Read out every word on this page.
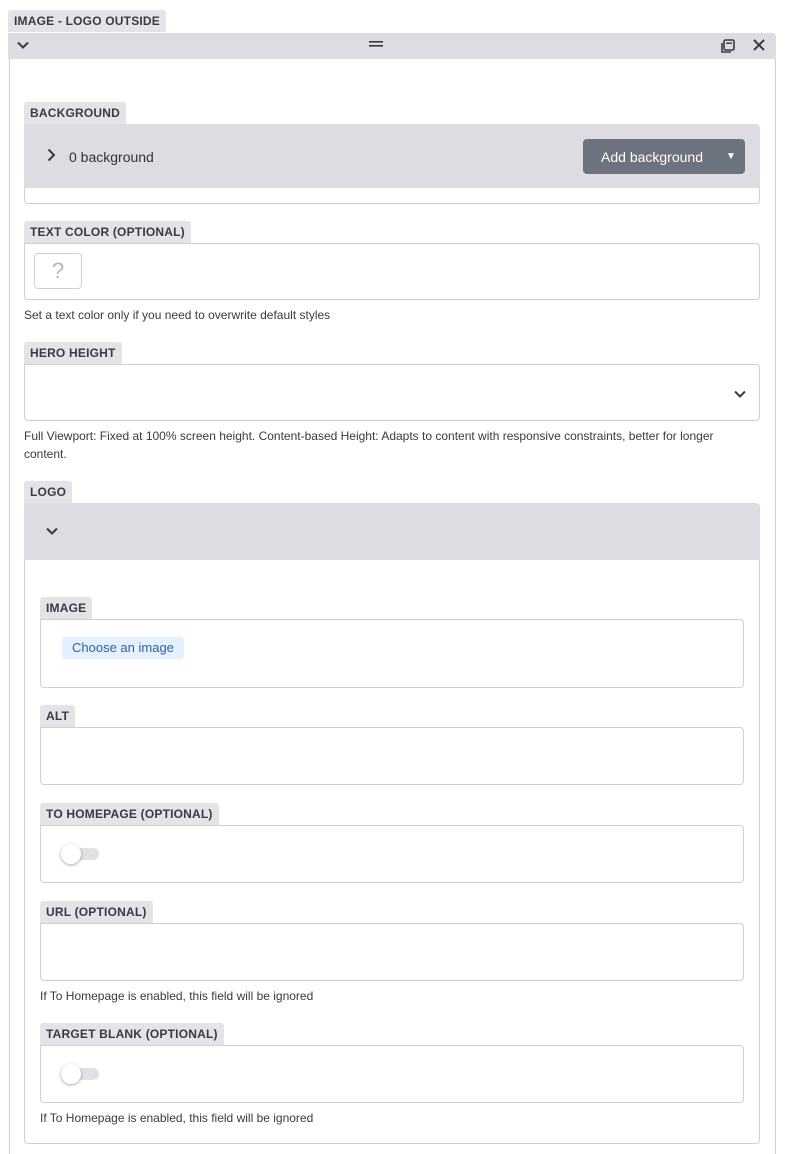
IMAGE - LOGO OUTSIDE
BACKGROUND
0 background	Add background	▼
TEXT COLOR (OPTIONAL)
?
Set a text color only if you need to overwrite default styles
HERO HEIGHT
Full Viewport: Fixed at 100% screen height. Content-based Height: Adapts to content with responsive constraints, better for longer content.
LOGO
IMAGE
Choose an image
ALT
TO HOMEPAGE (OPTIONAL)
URL (OPTIONAL)
If To Homepage is enabled, this field will be ignored
TARGET BLANK (OPTIONAL)
If To Homepage is enabled, this field will be ignored
